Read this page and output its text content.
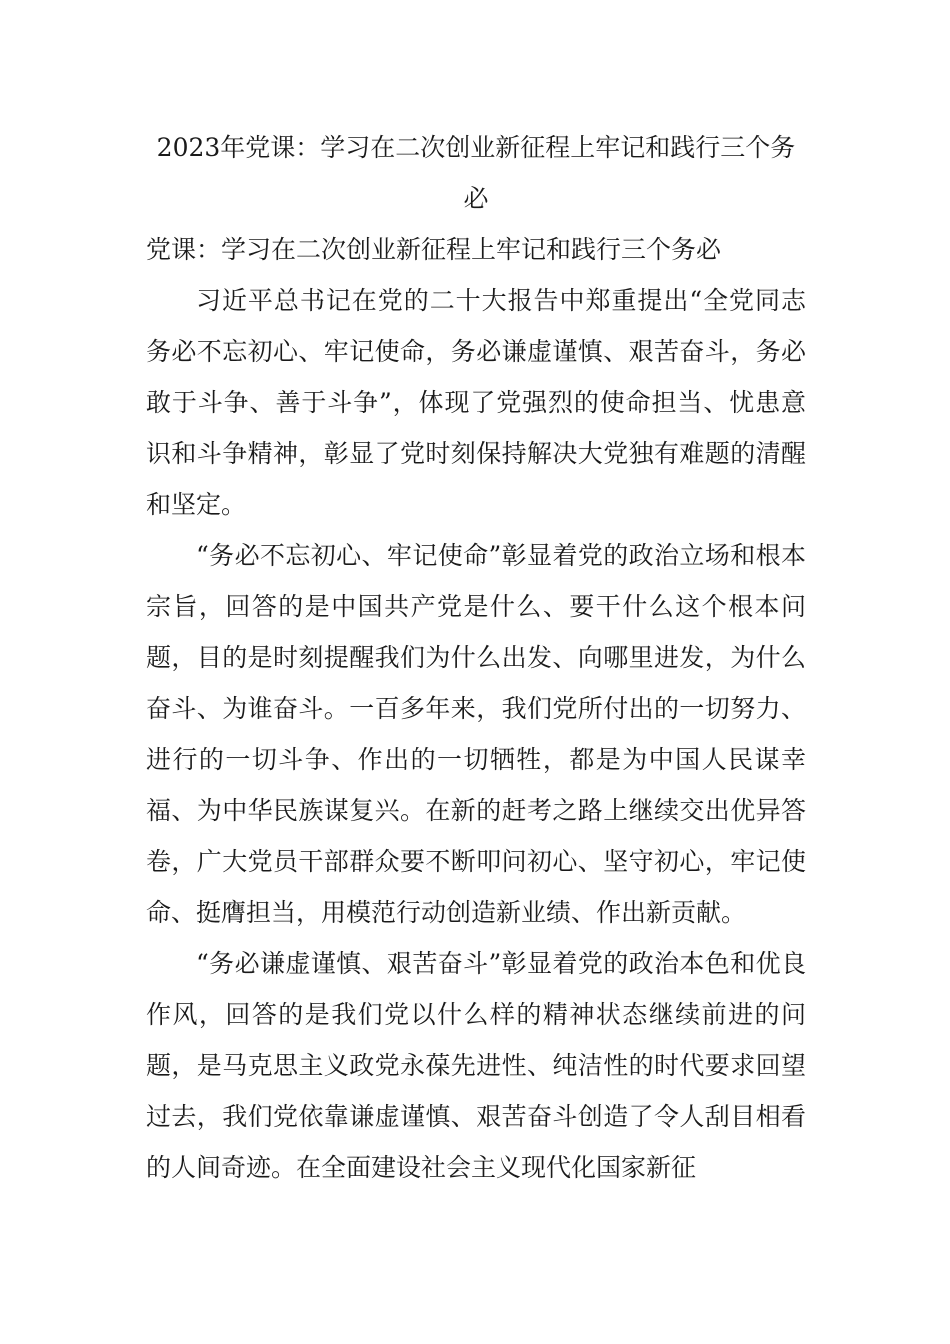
2023年党课：学习在二次创业新征程上牢记和践行三个务必
党课：学习在二次创业新征程上牢记和践行三个务必

习近平总书记在党的二十大报告中郑重提出“全党同志务必不忘初心、牢记使命，务必谦虚谨慎、艰苦奋斗，务必敢于斗争、善于斗争”，体现了党强烈的使命担当、忧患意识和斗争精神，彰显了党时刻保持解决大党独有难题的清醒和坚定。

“务必不忘初心、牢记使命”彰显着党的政治立场和根本宗旨，回答的是中国共产党是什么、要干什么这个根本问题，目的是时刻提醒我们为什么出发、向哪里进发，为什么奋斗、为谁奋斗。一百多年来，我们党所付出的一切努力、进行的一切斗争、作出的一切牺牲，都是为中国人民谋幸福、为中华民族谋复兴。在新的赶考之路上继续交出优异答卷，广大党员干部群众要不断叩问初心、坚守初心，牢记使命、挺膺担当，用模范行动创造新业绩、作出新贡献。

“务必谦虚谨慎、艰苦奋斗”彰显着党的政治本色和优良作风，回答的是我们党以什么样的精神状态继续前进的问题，是马克思主义政党永葆先进性、纯洁性的时代要求回望过去，我们党依靠谦虚谨慎、艰苦奋斗创造了令人刮目相看的人间奇迹。在全面建设社会主义现代化国家新征
